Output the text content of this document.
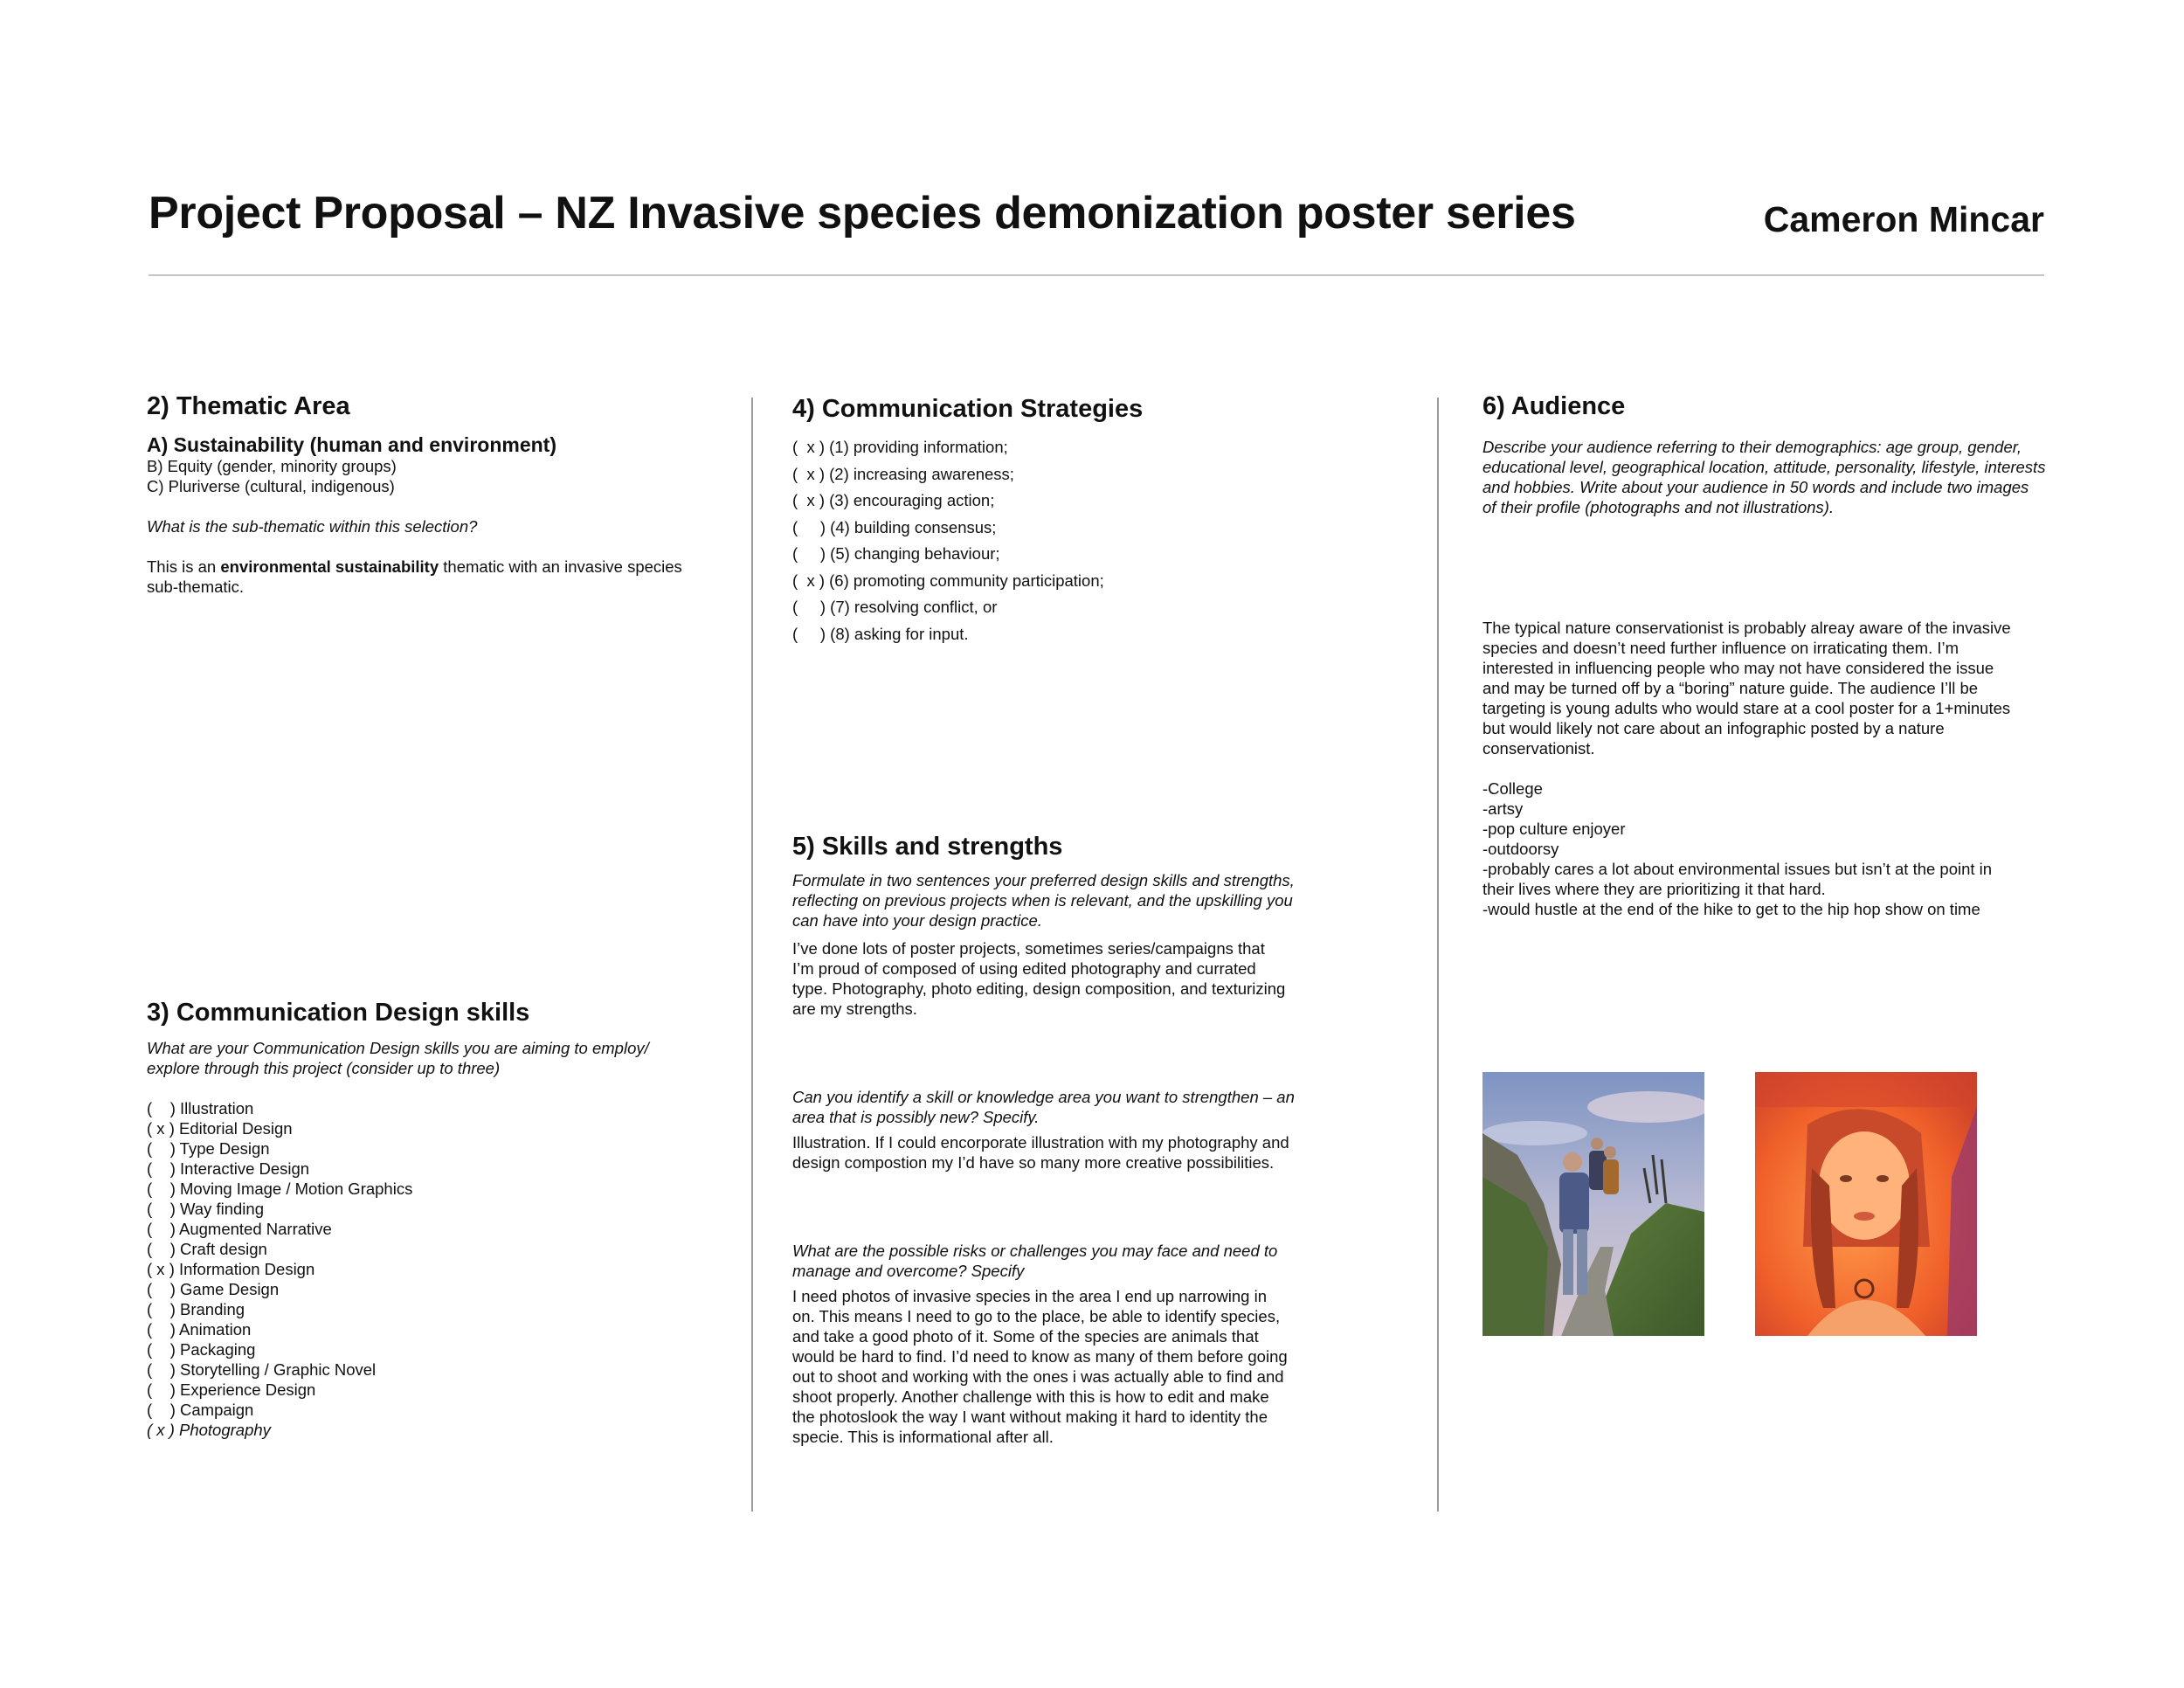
Project Proposal – NZ Invasive species demonization poster series	Cameron Mincar
2) Thematic Area
A) Sustainability (human and environment)

B) Equity (gender, minority groups)

C) Pluriverse (cultural, indigenous)

What is the sub-thematic within this selection?

This is an environmental sustainability thematic with an invasive species sub-thematic.

3) Communication Design skills

What are your Communication Design skills you are aiming to employ/ explore through this project (consider up to three)

(    ) Illustration
( x ) Editorial Design
(    ) Type Design
(    ) Interactive Design
(    ) Moving Image / Motion Graphics
(    ) Way finding
(    ) Augmented Narrative
(    ) Craft design
( x ) Information Design
(    ) Game Design
(    ) Branding
(    ) Animation
(    ) Packaging
(    ) Storytelling / Graphic Novel
(    ) Experience Design
(    ) Campaign
( x ) Photography
4) Communication Strategies
(  x ) (1) providing information;
(  x ) (2) increasing awareness;
(  x ) (3) encouraging action;
(     ) (4) building consensus;
(     ) (5) changing behaviour;
(  x ) (6) promoting community participation;
(     ) (7) resolving conflict, or
(     ) (8) asking for input.
5) Skills and strengths

Formulate in two sentences your preferred design skills and strengths, reflecting on previous projects when is relevant, and the upskilling you can have into your design practice.

I’ve done lots of poster projects, sometimes series/campaigns that I’m proud of composed of using edited photography and currated type. Photography, photo editing, design composition, and texturizing are my strengths.

Can you identify a skill or knowledge area you want to strengthen – an area that is possibly new? Specify.

Illustration. If I could encorporate illustration with my photography and design compostion my I’d have so many more creative possibilities.

What are the possible risks or challenges you may face and need to manage and overcome? Specify

I need photos of invasive species in the area I end up narrowing in on. This means I need to go to the place, be able to identify species, and take a good photo of it. Some of the species are animals that would be hard to find. I’d need to know as many of them before going out to shoot and working with the ones i was actually able to find and shoot properly. Another challenge with this is how to edit and make the photoslook the way I want without making it hard to identity the specie. This is informational after all.

6) Audience

Describe your audience referring to their demographics: age group, gender, educational level, geographical location, attitude, personality, lifestyle, interests and hobbies. Write about your audience in 50 words and include two images of their profile (photographs and not illustrations).

The typical nature conservationist is probably alreay aware of the invasive species and doesn’t need further influence on irraticating them. I’m interested in influencing people who may not have considered the issue and may be turned off by a “boring” nature guide. The audience I’ll be targeting is young adults who would stare at a cool poster for a 1+minutes but would likely not care about an infographic posted by a nature conservationist.

-College
-artsy
-pop culture enjoyer
-outdoorsy
-probably cares a lot about environmental issues but isn’t at the point in their lives where they are prioritizing it that hard.
-would hustle at the end of the hike to get to the hip hop show on time
